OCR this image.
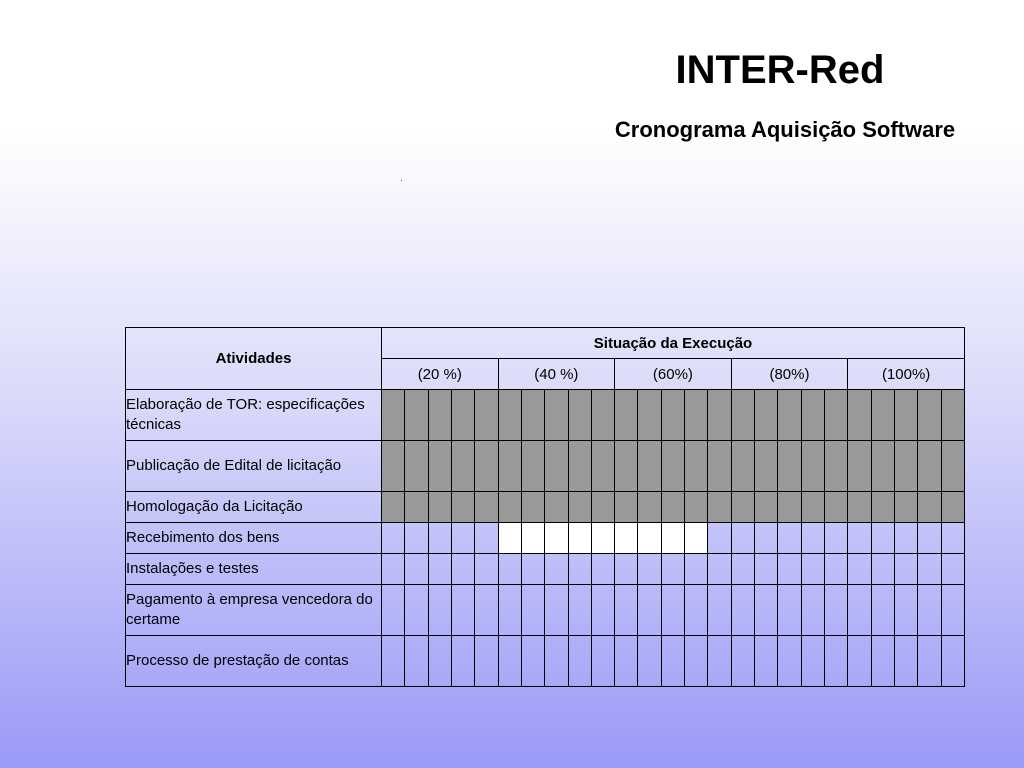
INTER-Red
Cronograma Aquisição Software
Atividades	Situação da Execução																								
	(20 %)					(40 %)					(60%)					(80%)					(100%)				
Elaboração de TOR: especificações técnicas																									
Publicação de Edital de licitação																									
Homologação da Licitação																									
Recebimento dos bens																									
Instalações e testes																									
Pagamento à empresa vencedora do certame																									
Processo de prestação de contas																									
